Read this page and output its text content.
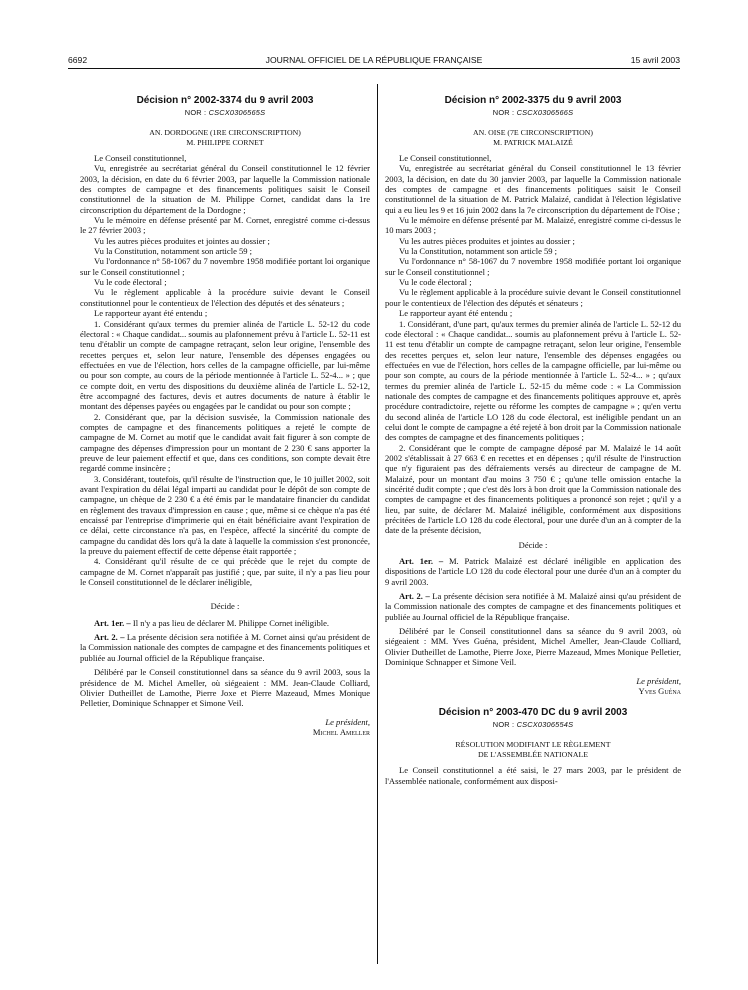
6692	JOURNAL OFFICIEL DE LA RÉPUBLIQUE FRANÇAISE	15 avril 2003

Décision n° 2002-3374 du 9 avril 2003

NOR : CSCX0306565S

AN. DORDOGNE (1RE CIRCONSCRIPTION)

M. PHILIPPE CORNET

Le Conseil constitutionnel,

Vu, enregistrée au secrétariat général du Conseil constitutionnel le 12 février 2003, la décision, en date du 6 février 2003, par laquelle la Commission nationale des comptes de campagne et des financements politiques saisit le Conseil constitutionnel de la situation de M. Philippe Cornet, candidat dans la 1re circonscription du département de la Dordogne ;

Vu le mémoire en défense présenté par M. Cornet, enregistré comme ci-dessus le 27 février 2003 ;

Vu les autres pièces produites et jointes au dossier ;

Vu la Constitution, notamment son article 59 ;

Vu l'ordonnance n° 58-1067 du 7 novembre 1958 modifiée portant loi organique sur le Conseil constitutionnel ;

Vu le code électoral ;

Vu le règlement applicable à la procédure suivie devant le Conseil constitutionnel pour le contentieux de l'élection des députés et des sénateurs ;

Le rapporteur ayant été entendu ;

1. Considérant qu'aux termes du premier alinéa de l'article L. 52-12 du code électoral : « Chaque candidat... soumis au plafonnement prévu à l'article L. 52-11 est tenu d'établir un compte de campagne retraçant, selon leur origine, l'ensemble des recettes perçues et, selon leur nature, l'ensemble des dépenses engagées ou effectuées en vue de l'élection, hors celles de la campagne officielle, par lui-même ou pour son compte, au cours de la période mentionnée à l'article L. 52-4... » ; que ce compte doit, en vertu des dispositions du deuxième alinéa de l'article L. 52-12, être accompagné des factures, devis et autres documents de nature à établir le montant des dépenses payées ou engagées par le candidat ou pour son compte ;

2. Considérant que, par la décision susvisée, la Commission nationale des comptes de campagne et des financements politiques a rejeté le compte de campagne de M. Cornet au motif que le candidat avait fait figurer à son compte de campagne des dépenses d'impression pour un montant de 2 230 € sans apporter la preuve de leur paiement effectif et que, dans ces conditions, son compte devait être regardé comme insincère ;

3. Considérant, toutefois, qu'il résulte de l'instruction que, le 10 juillet 2002, soit avant l'expiration du délai légal imparti au candidat pour le dépôt de son compte de campagne, un chèque de 2 230 € a été émis par le mandataire financier du candidat en règlement des travaux d'impression en cause ; que, même si ce chèque n'a pas été encaissé par l'entreprise d'imprimerie qui en était bénéficiaire avant l'expiration de ce délai, cette circonstance n'a pas, en l'espèce, affecté la sincérité du compte de campagne du candidat dès lors qu'à la date à laquelle la commission s'est prononcée, la preuve du paiement effectif de cette dépense était rapportée ;

4. Considérant qu'il résulte de ce qui précède que le rejet du compte de campagne de M. Cornet n'apparaît pas justifié ; que, par suite, il n'y a pas lieu pour le Conseil constitutionnel de le déclarer inéligible,

Décide :

Art. 1er. – Il n'y a pas lieu de déclarer M. Philippe Cornet inéligible.

Art. 2. – La présente décision sera notifiée à M. Cornet ainsi qu'au président de la Commission nationale des comptes de campagne et des financements politiques et publiée au Journal officiel de la République française.

Délibéré par le Conseil constitutionnel dans sa séance du 9 avril 2003, sous la présidence de M. Michel Ameller, où siégeaient : MM. Jean-Claude Colliard, Olivier Dutheillet de Lamothe, Pierre Joxe et Pierre Mazeaud, Mmes Monique Pelletier, Dominique Schnapper et Simone Veil.

Le président,

Michel Ameller

Décision n° 2002-3375 du 9 avril 2003

NOR : CSCX0306566S

AN. OISE (7E CIRCONSCRIPTION)

M. PATRICK MALAIZÉ

Le Conseil constitutionnel,

Vu, enregistrée au secrétariat général du Conseil constitutionnel le 13 février 2003, la décision, en date du 30 janvier 2003, par laquelle la Commission nationale des comptes de campagne et des financements politiques saisit le Conseil constitutionnel de la situation de M. Patrick Malaizé, candidat à l'élection législative qui a eu lieu les 9 et 16 juin 2002 dans la 7e circonscription du département de l'Oise ;

Vu le mémoire en défense présenté par M. Malaizé, enregistré comme ci-dessus le 10 mars 2003 ;

Vu les autres pièces produites et jointes au dossier ;

Vu la Constitution, notamment son article 59 ;

Vu l'ordonnance n° 58-1067 du 7 novembre 1958 modifiée portant loi organique sur le Conseil constitutionnel ;

Vu le code électoral ;

Vu le règlement applicable à la procédure suivie devant le Conseil constitutionnel pour le contentieux de l'élection des députés et sénateurs ;

Le rapporteur ayant été entendu ;

1. Considérant, d'une part, qu'aux termes du premier alinéa de l'article L. 52-12 du code électoral : « Chaque candidat... soumis au plafonnement prévu à l'article L. 52-11 est tenu d'établir un compte de campagne retraçant, selon leur origine, l'ensemble des recettes perçues et, selon leur nature, l'ensemble des dépenses engagées ou effectuées en vue de l'élection, hors celles de la campagne officielle, par lui-même ou pour son compte, au cours de la période mentionnée à l'article L. 52-4... » ; qu'aux termes du premier alinéa de l'article L. 52-15 du même code : « La Commission nationale des comptes de campagne et des financements politiques approuve et, après procédure contradictoire, rejette ou réforme les comptes de campagne » ; qu'en vertu du second alinéa de l'article LO 128 du code électoral, est inéligible pendant un an celui dont le compte de campagne a été rejeté à bon droit par la Commission nationale des comptes de campagne et des financements politiques ;

2. Considérant que le compte de campagne déposé par M. Malaizé le 14 août 2002 s'établissait à 27 663 € en recettes et en dépenses ; qu'il résulte de l'instruction que n'y figuraient pas des défraiements versés au directeur de campagne de M. Malaizé, pour un montant d'au moins 3 750 € ; qu'une telle omission entache la sincérité dudit compte ; que c'est dès lors à bon droit que la Commission nationale des comptes de campagne et des financements politiques a prononcé son rejet ; qu'il y a lieu, par suite, de déclarer M. Malaizé inéligible, conformément aux dispositions précitées de l'article LO 128 du code électoral, pour une durée d'un an à compter de la date de la présente décision,

Décide :

Art. 1er. – M. Patrick Malaizé est déclaré inéligible en application des dispositions de l'article LO 128 du code électoral pour une durée d'un an à compter du 9 avril 2003.

Art. 2. – La présente décision sera notifiée à M. Malaizé ainsi qu'au président de la Commission nationale des comptes de campagne et des financements politiques et publiée au Journal officiel de la République française.

Délibéré par le Conseil constitutionnel dans sa séance du 9 avril 2003, où siégeaient : MM. Yves Guéna, président, Michel Ameller, Jean-Claude Colliard, Olivier Dutheillet de Lamothe, Pierre Joxe, Pierre Mazeaud, Mmes Monique Pelletier, Dominique Schnapper et Simone Veil.

Le président,

Yves Guéna

Décision n° 2003-470 DC du 9 avril 2003

NOR : CSCX0306554S

RÉSOLUTION MODIFIANT LE RÈGLEMENT

DE L'ASSEMBLÉE NATIONALE

Le Conseil constitutionnel a été saisi, le 27 mars 2003, par le président de l'Assemblée nationale, conformément aux disposi-
